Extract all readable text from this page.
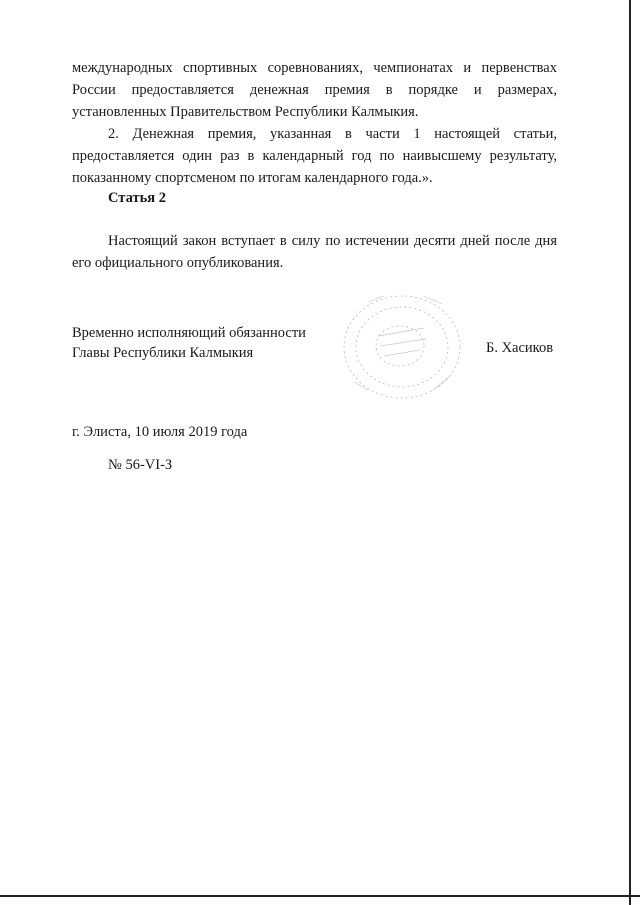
международных спортивных соревнованиях, чемпионатах и первенствах России предоставляется денежная премия в порядке и размерах, установленных Правительством Республики Калмыкия.

2. Денежная премия, указанная в части 1 настоящей статьи, предоставляется один раз в календарный год по наивысшему результату, показанному спортсменом по итогам календарного года.».

Статья 2

Настоящий закон вступает в силу по истечении десяти дней после дня его официального опубликования.

Временно исполняющий обязанности
Главы Республики Калмыкия	Б. Хасиков
г. Элиста, 10 июля 2019 года
№ 56-VI-З
